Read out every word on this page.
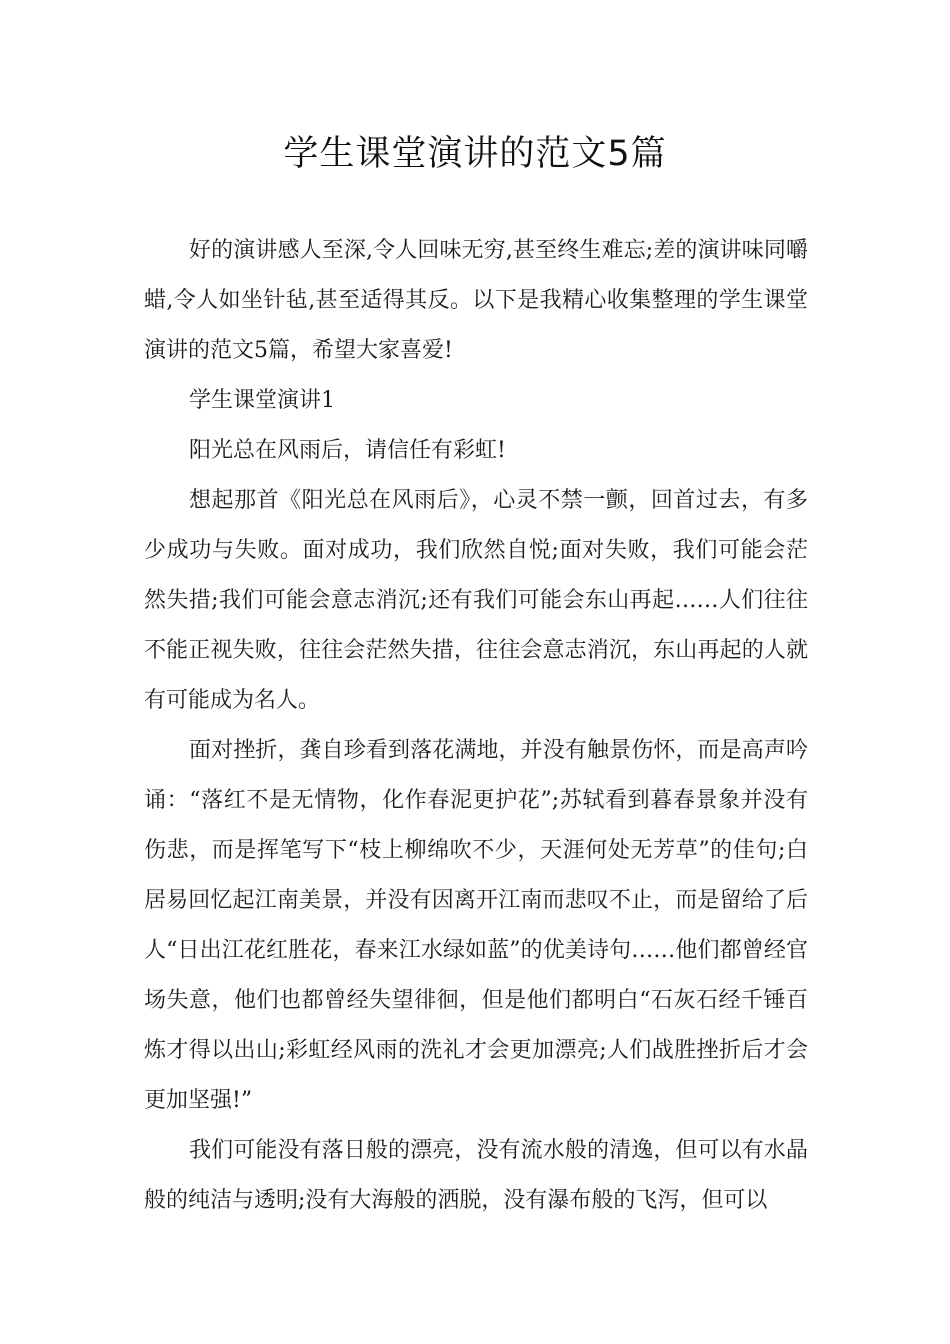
学生课堂演讲的范文5篇

好的演讲感人至深,令人回味无穷,甚至终生难忘;差的演讲味同嚼蜡,令人如坐针毡,甚至适得其反。以下是我精心收集整理的学生课堂演讲的范文5篇，希望大家喜爱!

学生课堂演讲1

阳光总在风雨后，请信任有彩虹!

想起那首《阳光总在风雨后》，心灵不禁一颤，回首过去，有多少成功与失败。面对成功，我们欣然自悦;面对失败，我们可能会茫然失措;我们可能会意志消沉;还有我们可能会东山再起……人们往往不能正视失败，往往会茫然失措，往往会意志消沉，东山再起的人就有可能成为名人。

面对挫折，龚自珍看到落花满地，并没有触景伤怀，而是高声吟诵：“落红不是无情物，化作春泥更护花”;苏轼看到暮春景象并没有伤悲，而是挥笔写下“枝上柳绵吹不少，天涯何处无芳草”的佳句;白居易回忆起江南美景，并没有因离开江南而悲叹不止，而是留给了后人“日出江花红胜花，春来江水绿如蓝”的优美诗句……他们都曾经官场失意，他们也都曾经失望徘徊，但是他们都明白“石灰石经千锤百炼才得以出山;彩虹经风雨的洗礼才会更加漂亮;人们战胜挫折后才会更加坚强!”

我们可能没有落日般的漂亮，没有流水般的清逸，但可以有水晶般的纯洁与透明;没有大海般的洒脱，没有瀑布般的飞泻，但可以
